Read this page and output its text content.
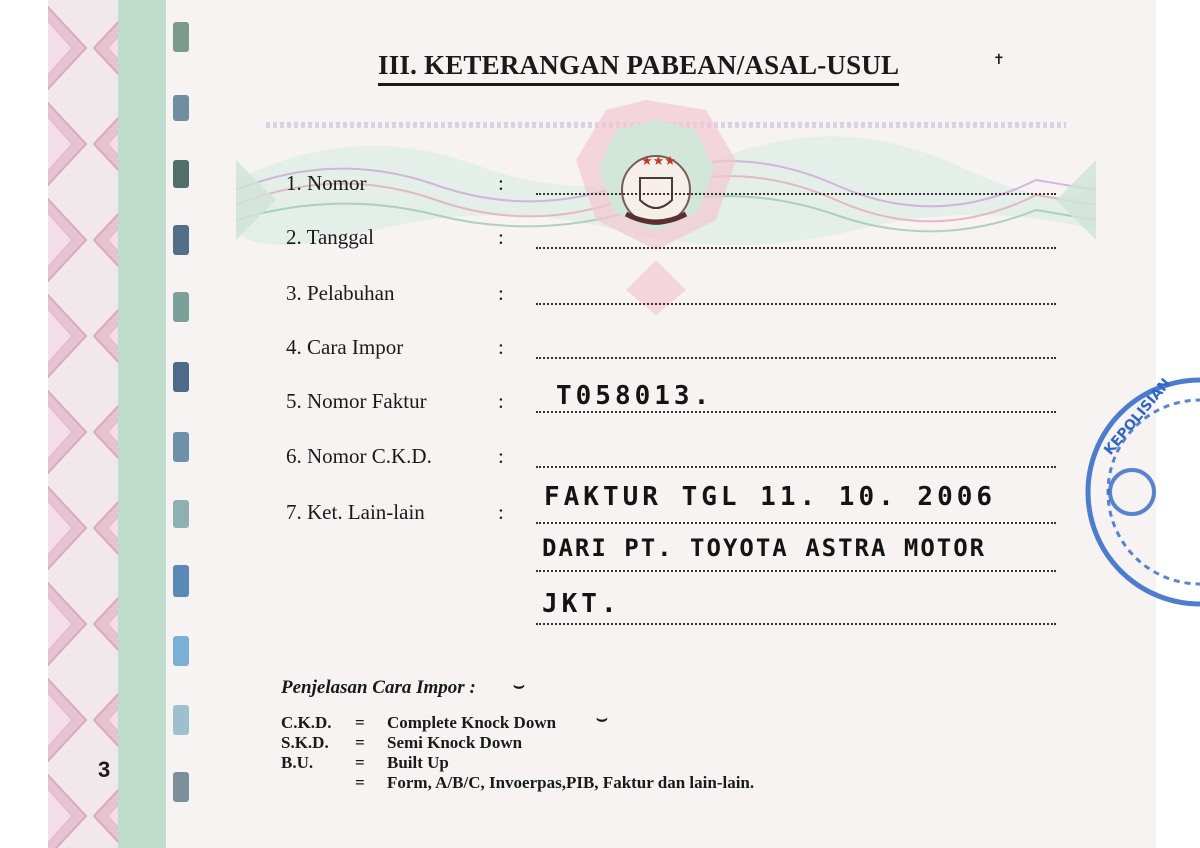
3
III. KETERANGAN PABEAN/ASAL-USUL	✝
★★★
1. Nomor	:
2. Tanggal	:
3. Pelabuhan	:
4. Cara Impor	:
5. Nomor Faktur	: T058013.
6. Nomor C.K.D.	:
7. Ket. Lain-lain	: FAKTUR TGL 11. 10. 2006
DARI PT. TOYOTA ASTRA MOTOR
JKT.
Penjelasan Cara Impor : ⌣
C.K.D.	= Complete Knock Down
S.K.D.	= Semi Knock Down
B.U.	= Built Up
= Form, A/B/C, Invoerpas,PIB, Faktur dan lain-lain.
⌣
KEPOLISIAN
